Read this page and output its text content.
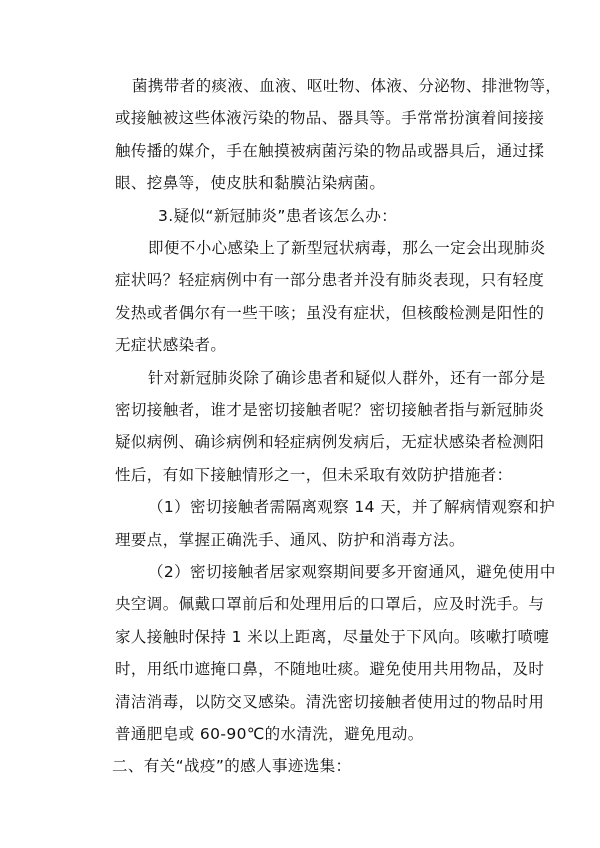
菌携带者的痰液、血液、呕吐物、体液、分泌物、排泄物等，
或接触被这些体液污染的物品、器具等。手常常扮演着间接接
触传播的媒介，手在触摸被病菌污染的物品或器具后，通过揉
眼、挖鼻等，使皮肤和黏膜沾染病菌。
3.疑似“新冠肺炎”患者该怎么办：
即便不小心感染上了新型冠状病毒，那么一定会出现肺炎
症状吗？轻症病例中有一部分患者并没有肺炎表现，只有轻度
发热或者偶尔有一些干咳；虽没有症状，但核酸检测是阳性的
无症状感染者。
针对新冠肺炎除了确诊患者和疑似人群外，还有一部分是
密切接触者，谁才是密切接触者呢？密切接触者指与新冠肺炎
疑似病例、确诊病例和轻症病例发病后，无症状感染者检测阳
性后，有如下接触情形之一，但未采取有效防护措施者：
（1）密切接触者需隔离观察 14 天，并了解病情观察和护
理要点，掌握正确洗手、通风、防护和消毒方法。
（2）密切接触者居家观察期间要多开窗通风，避免使用中
央空调。佩戴口罩前后和处理用后的口罩后，应及时洗手。与
家人接触时保持 1 米以上距离，尽量处于下风向。咳嗽打喷嚏
时，用纸巾遮掩口鼻，不随地吐痰。避免使用共用物品，及时
清洁消毒，以防交叉感染。清洗密切接触者使用过的物品时用
普通肥皂或 60-90℃的水清洗，避免甩动。
二、有关“战疫”的感人事迹选集：
